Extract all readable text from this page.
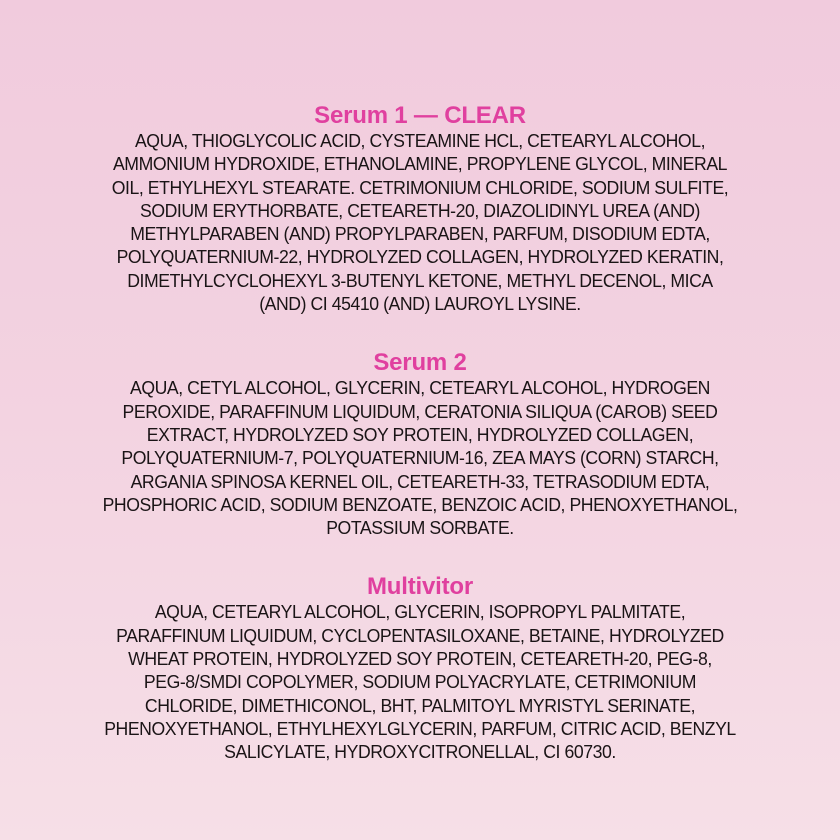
Serum 1 — CLEAR
AQUA, THIOGLYCOLIC ACID, CYSTEAMINE HCL, CETEARYL ALCOHOL,
AMMONIUM HYDROXIDE, ETHANOLAMINE, PROPYLENE GLYCOL, MINERAL
OIL, ETHYLHEXYL STEARATE. CETRIMONIUM CHLORIDE, SODIUM SULFITE,
SODIUM ERYTHORBATE, CETEARETH-20, DIAZOLIDINYL UREA (AND)
METHYLPARABEN (AND) PROPYLPARABEN, PARFUM, DISODIUM EDTA,
POLYQUATERNIUM-22, HYDROLYZED COLLAGEN, HYDROLYZED KERATIN,
DIMETHYLCYCLOHEXYL 3-BUTENYL KETONE, METHYL DECENOL, MICA
(AND) CI 45410 (AND) LAUROYL LYSINE.
Serum 2
AQUA, CETYL ALCOHOL, GLYCERIN, CETEARYL ALCOHOL, HYDROGEN
PEROXIDE, PARAFFINUM LIQUIDUM, CERATONIA SILIQUA (CAROB) SEED
EXTRACT, HYDROLYZED SOY PROTEIN, HYDROLYZED COLLAGEN,
POLYQUATERNIUM-7, POLYQUATERNIUM-16, ZEA MAYS (CORN) STARCH,
ARGANIA SPINOSA KERNEL OIL, CETEARETH-33, TETRASODIUM EDTA,
PHOSPHORIC ACID, SODIUM BENZOATE, BENZOIC ACID, PHENOXYETHANOL,
POTASSIUM SORBATE.
Multivitor
AQUA, CETEARYL ALCOHOL, GLYCERIN, ISOPROPYL PALMITATE,
PARAFFINUM LIQUIDUM, CYCLOPENTASILOXANE, BETAINE, HYDROLYZED
WHEAT PROTEIN, HYDROLYZED SOY PROTEIN, CETEARETH-20, PEG-8,
PEG-8/SMDI COPOLYMER, SODIUM POLYACRYLATE, CETRIMONIUM
CHLORIDE, DIMETHICONOL, BHT, PALMITOYL MYRISTYL SERINATE,
PHENOXYETHANOL, ETHYLHEXYLGLYCERIN, PARFUM, CITRIC ACID, BENZYL
SALICYLATE, HYDROXYCITRONELLAL, CI 60730.
